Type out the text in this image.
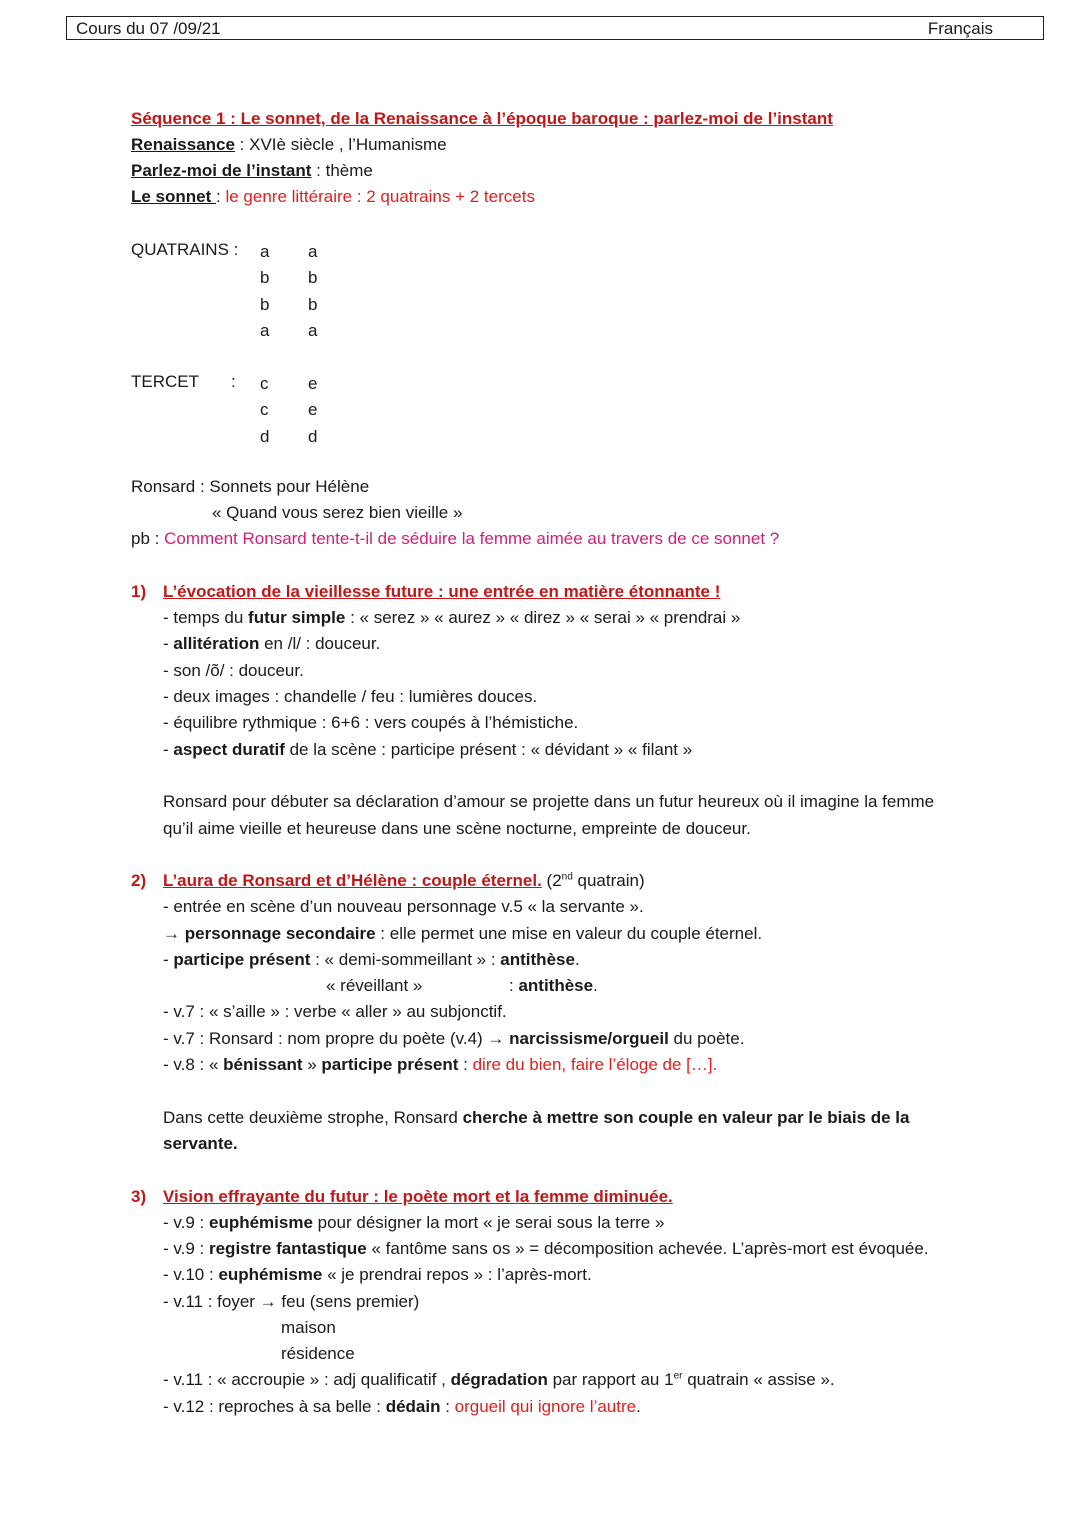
Cours du 07 /09/21	Français
Séquence 1 : Le sonnet, de la Renaissance à l’époque baroque : parlez-moi de l’instant
Renaissance : XVIè siècle , l’Humanisme
Parlez-moi de l’instant : thème
Le sonnet : le genre littéraire : 2 quatrains + 2 tercets
QUATRAINS : a
b
b
a
a
b
b
a
TERCET : c
c
d
e
e
d
Ronsard : Sonnets pour Hélène
« Quand vous serez bien vieille »
pb : Comment Ronsard tente-t-il de séduire la femme aimée au travers de ce sonnet ?
1) L’évocation de la vieillesse future : une entrée en matière étonnante !
- temps du futur simple : « serez » « aurez » « direz » « serai » « prendrai »
- allitération en /l/ : douceur.
- son /õ/ : douceur.
- deux images : chandelle / feu : lumières douces.
- équilibre rythmique : 6+6 : vers coupés à l’hémistiche.
- aspect duratif de la scène : participe présent : « dévidant » « filant »
Ronsard pour débuter sa déclaration d’amour se projette dans un futur heureux où il imagine la femme
qu’il aime vieille et heureuse dans une scène nocturne, empreinte de douceur.
2) L’aura de Ronsard et d’Hélène : couple éternel. (2nd quatrain)
- entrée en scène d’un nouveau personnage v.5 « la servante ».
→ personnage secondaire : elle permet une mise en valeur du couple éternel.
- participe présent : « demi-sommeillant » : antithèse.
« réveillant »	: antithèse.
- v.7 : « s’aille » : verbe « aller » au subjonctif.
- v.7 : Ronsard : nom propre du poète (v.4) → narcissisme/orgueil du poète.
- v.8 : « bénissant » participe présent : dire du bien, faire l’éloge de […].
Dans cette deuxième strophe, Ronsard cherche à mettre son couple en valeur par le biais de la
servante.
3) Vision effrayante du futur : le poète mort et la femme diminuée.
- v.9 : euphémisme pour désigner la mort « je serai sous la terre »
- v.9 : registre fantastique « fantôme sans os » = décomposition achevée. L’après-mort est évoquée.
- v.10 : euphémisme « je prendrai repos » : l’après-mort.
- v.11 : foyer → feu (sens premier)
maison
résidence
- v.11 : « accroupie » : adj qualificatif , dégradation par rapport au 1er quatrain « assise ».
- v.12 : reproches à sa belle : dédain : orgueil qui ignore l’autre.
